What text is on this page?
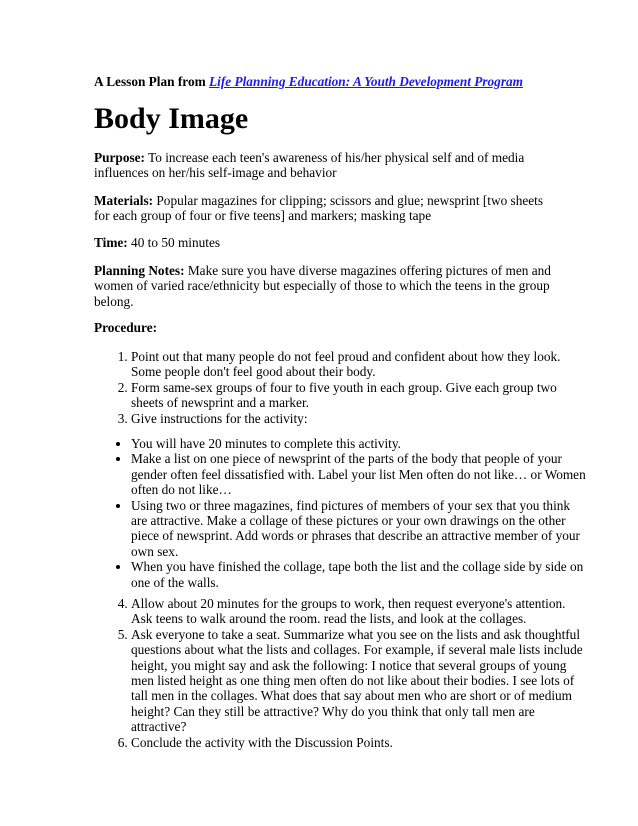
A Lesson Plan from Life Planning Education: A Youth Development Program
Body Image

Purpose: To increase each teen's awareness of his/her physical self and of media influences on her/his self-image and behavior

Materials: Popular magazines for clipping; scissors and glue; newsprint [two sheets for each group of four or five teens] and markers; masking tape

Time: 40 to 50 minutes

Planning Notes: Make sure you have diverse magazines offering pictures of men and women of varied race/ethnicity but especially of those to which the teens in the group belong.

Procedure:

1. Point out that many people do not feel proud and confident about how they look. Some people don't feel good about their body.
2. Form same-sex groups of four to five youth in each group. Give each group two sheets of newsprint and a marker.
3. Give instructions for the activity:
• You will have 20 minutes to complete this activity.
• Make a list on one piece of newsprint of the parts of the body that people of your gender often feel dissatisfied with. Label your list Men often do not like… or Women often do not like…
• Using two or three magazines, find pictures of members of your sex that you think are attractive. Make a collage of these pictures or your own drawings on the other piece of newsprint. Add words or phrases that describe an attractive member of your own sex.
• When you have finished the collage, tape both the list and the collage side by side on one of the walls.
4. Allow about 20 minutes for the groups to work, then request everyone's attention. Ask teens to walk around the room. read the lists, and look at the collages.
5. Ask everyone to take a seat. Summarize what you see on the lists and ask thoughtful questions about what the lists and collages. For example, if several male lists include height, you might say and ask the following: I notice that several groups of young men listed height as one thing men often do not like about their bodies. I see lots of tall men in the collages. What does that say about men who are short or of medium height? Can they still be attractive? Why do you think that only tall men are attractive?
6. Conclude the activity with the Discussion Points.
